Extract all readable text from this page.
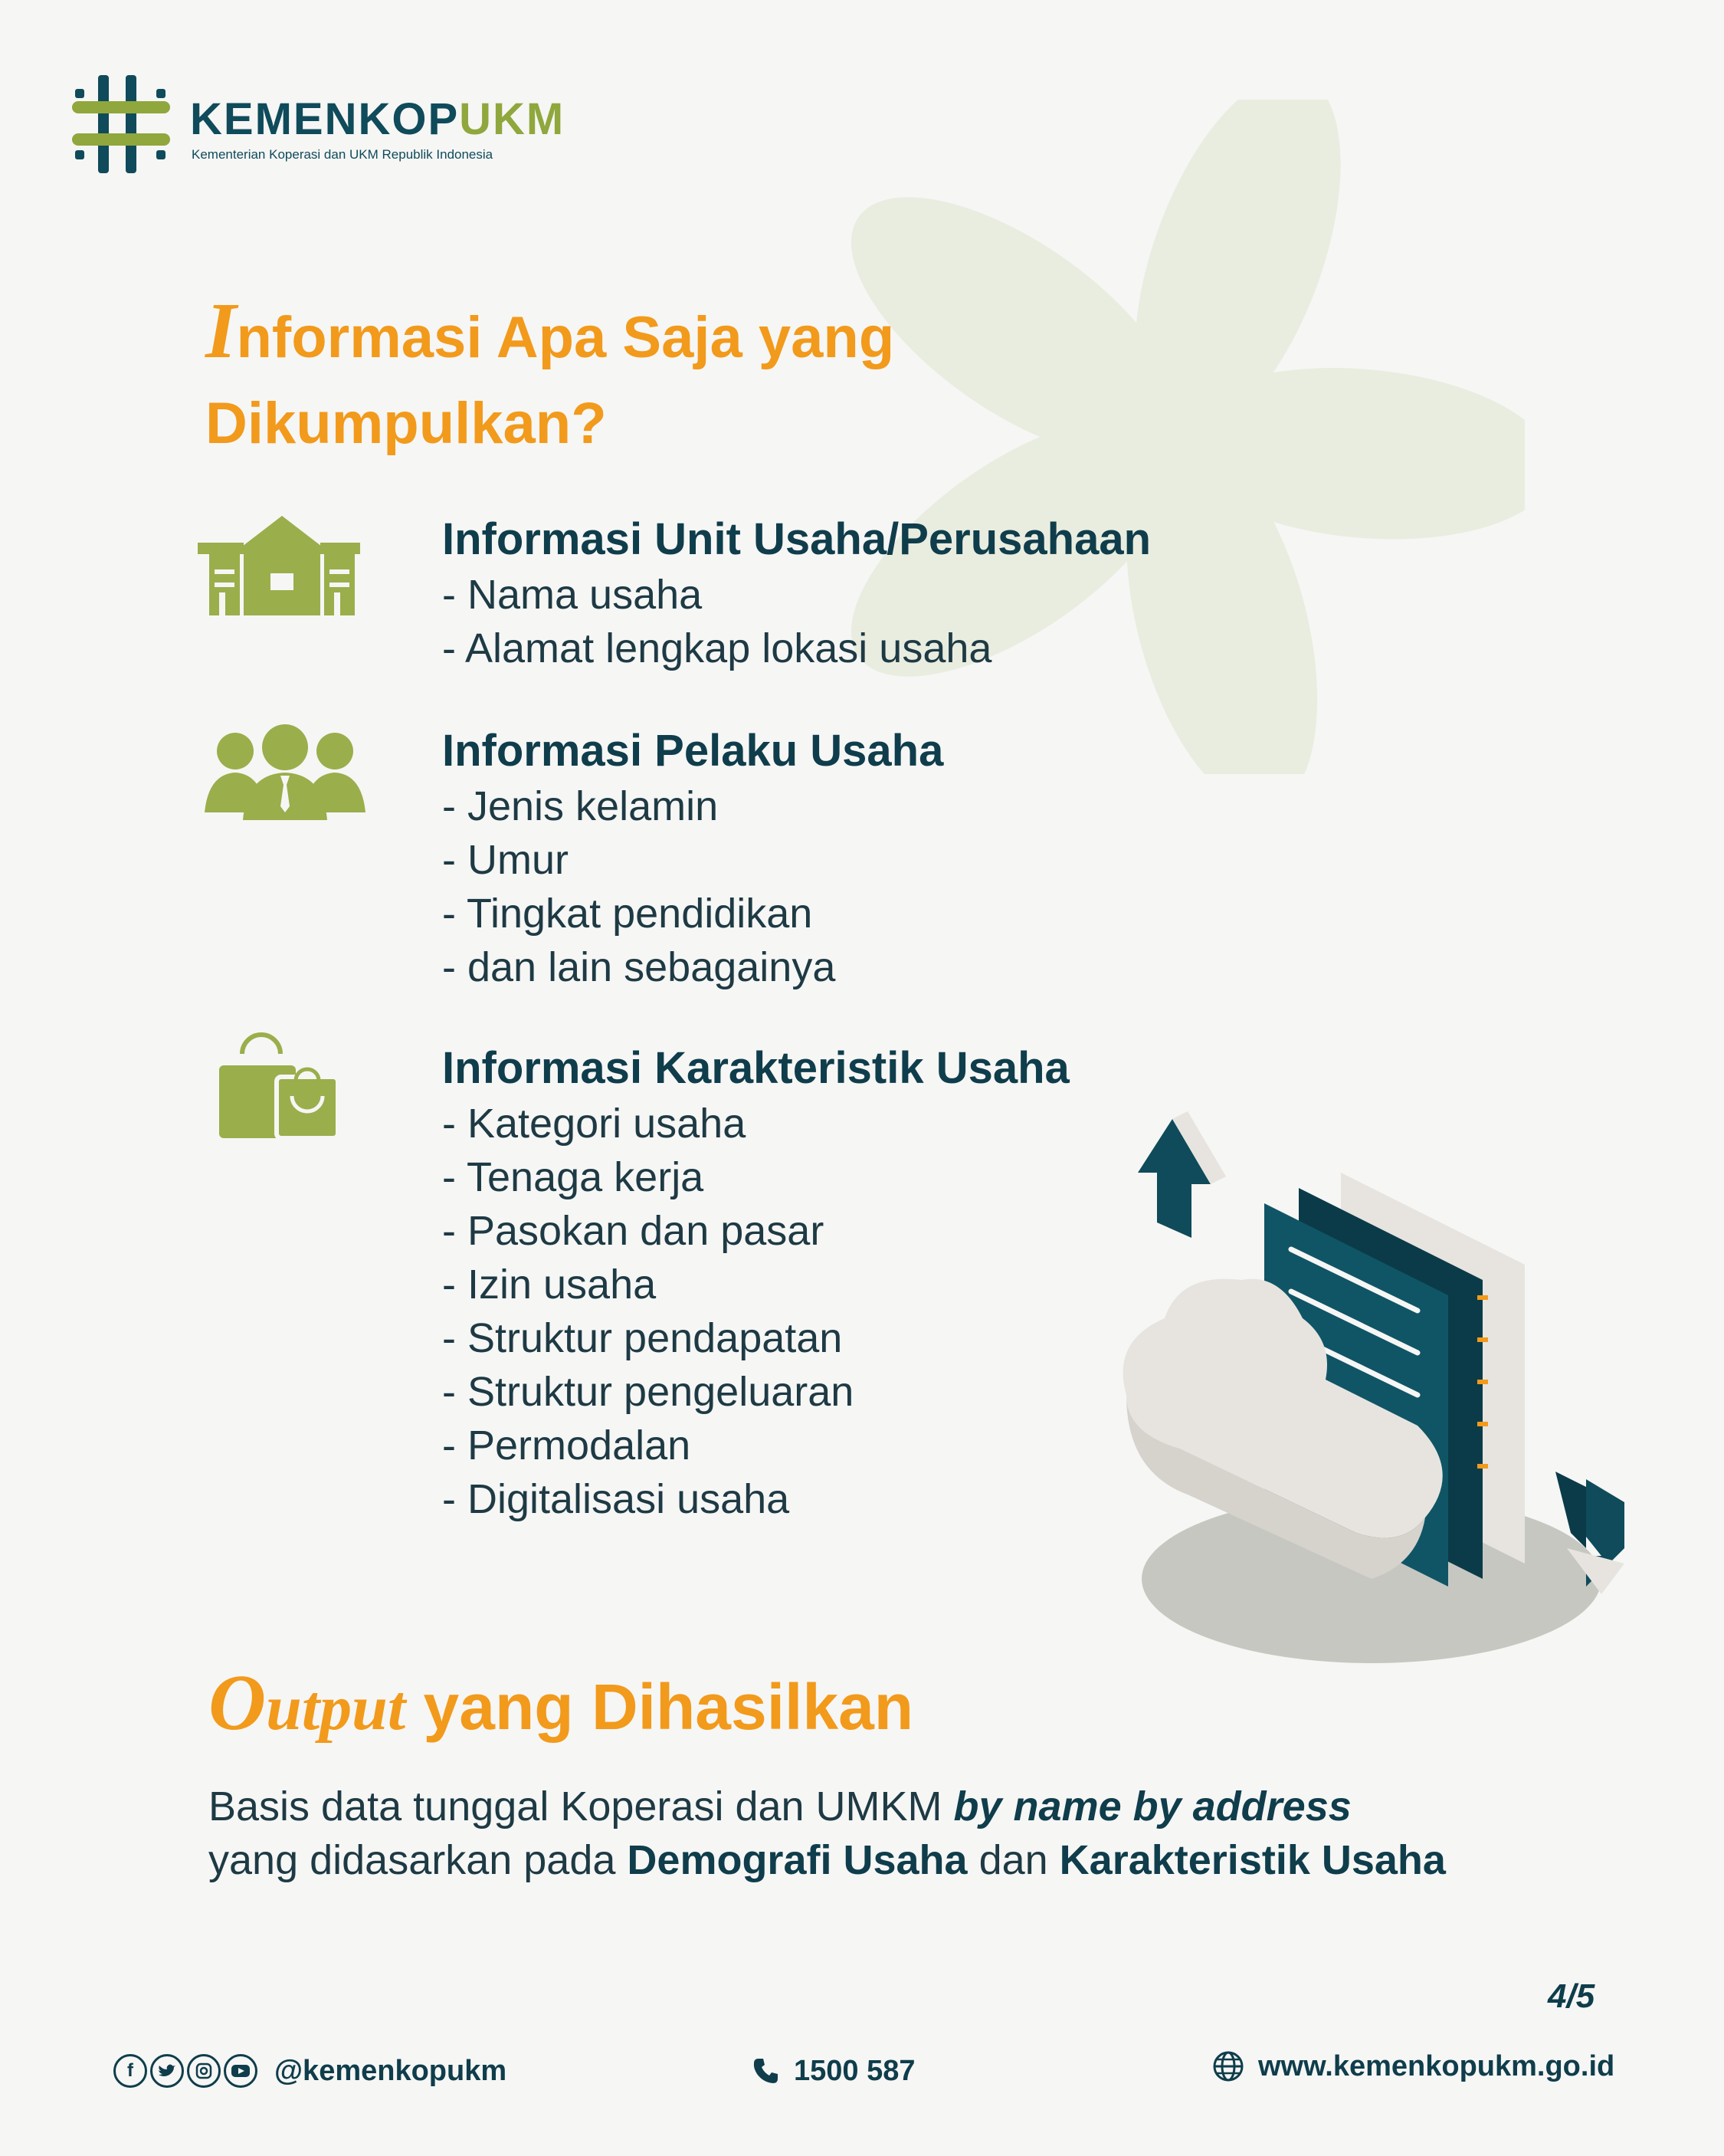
KEMENKOPUKM
Kementerian Koperasi dan UKM Republik Indonesia
Informasi Apa Saja yang
Dikumpulkan?
Informasi Unit Usaha/Perusahaan
- Nama usaha
- Alamat lengkap lokasi usaha
Informasi Pelaku Usaha
- Jenis kelamin
- Umur
- Tingkat pendidikan
- dan lain sebagainya
Informasi Karakteristik Usaha
- Kategori usaha
- Tenaga kerja
- Pasokan dan pasar
- Izin usaha
- Struktur pendapatan
- Struktur pengeluaran
- Permodalan
- Digitalisasi usaha
Output yang Dihasilkan
Basis data tunggal Koperasi dan UMKM by name by address
yang didasarkan pada Demografi Usaha dan Karakteristik Usaha
4/5
f	@kemenkopukm	1500 587	www.kemenkopukm.go.id
